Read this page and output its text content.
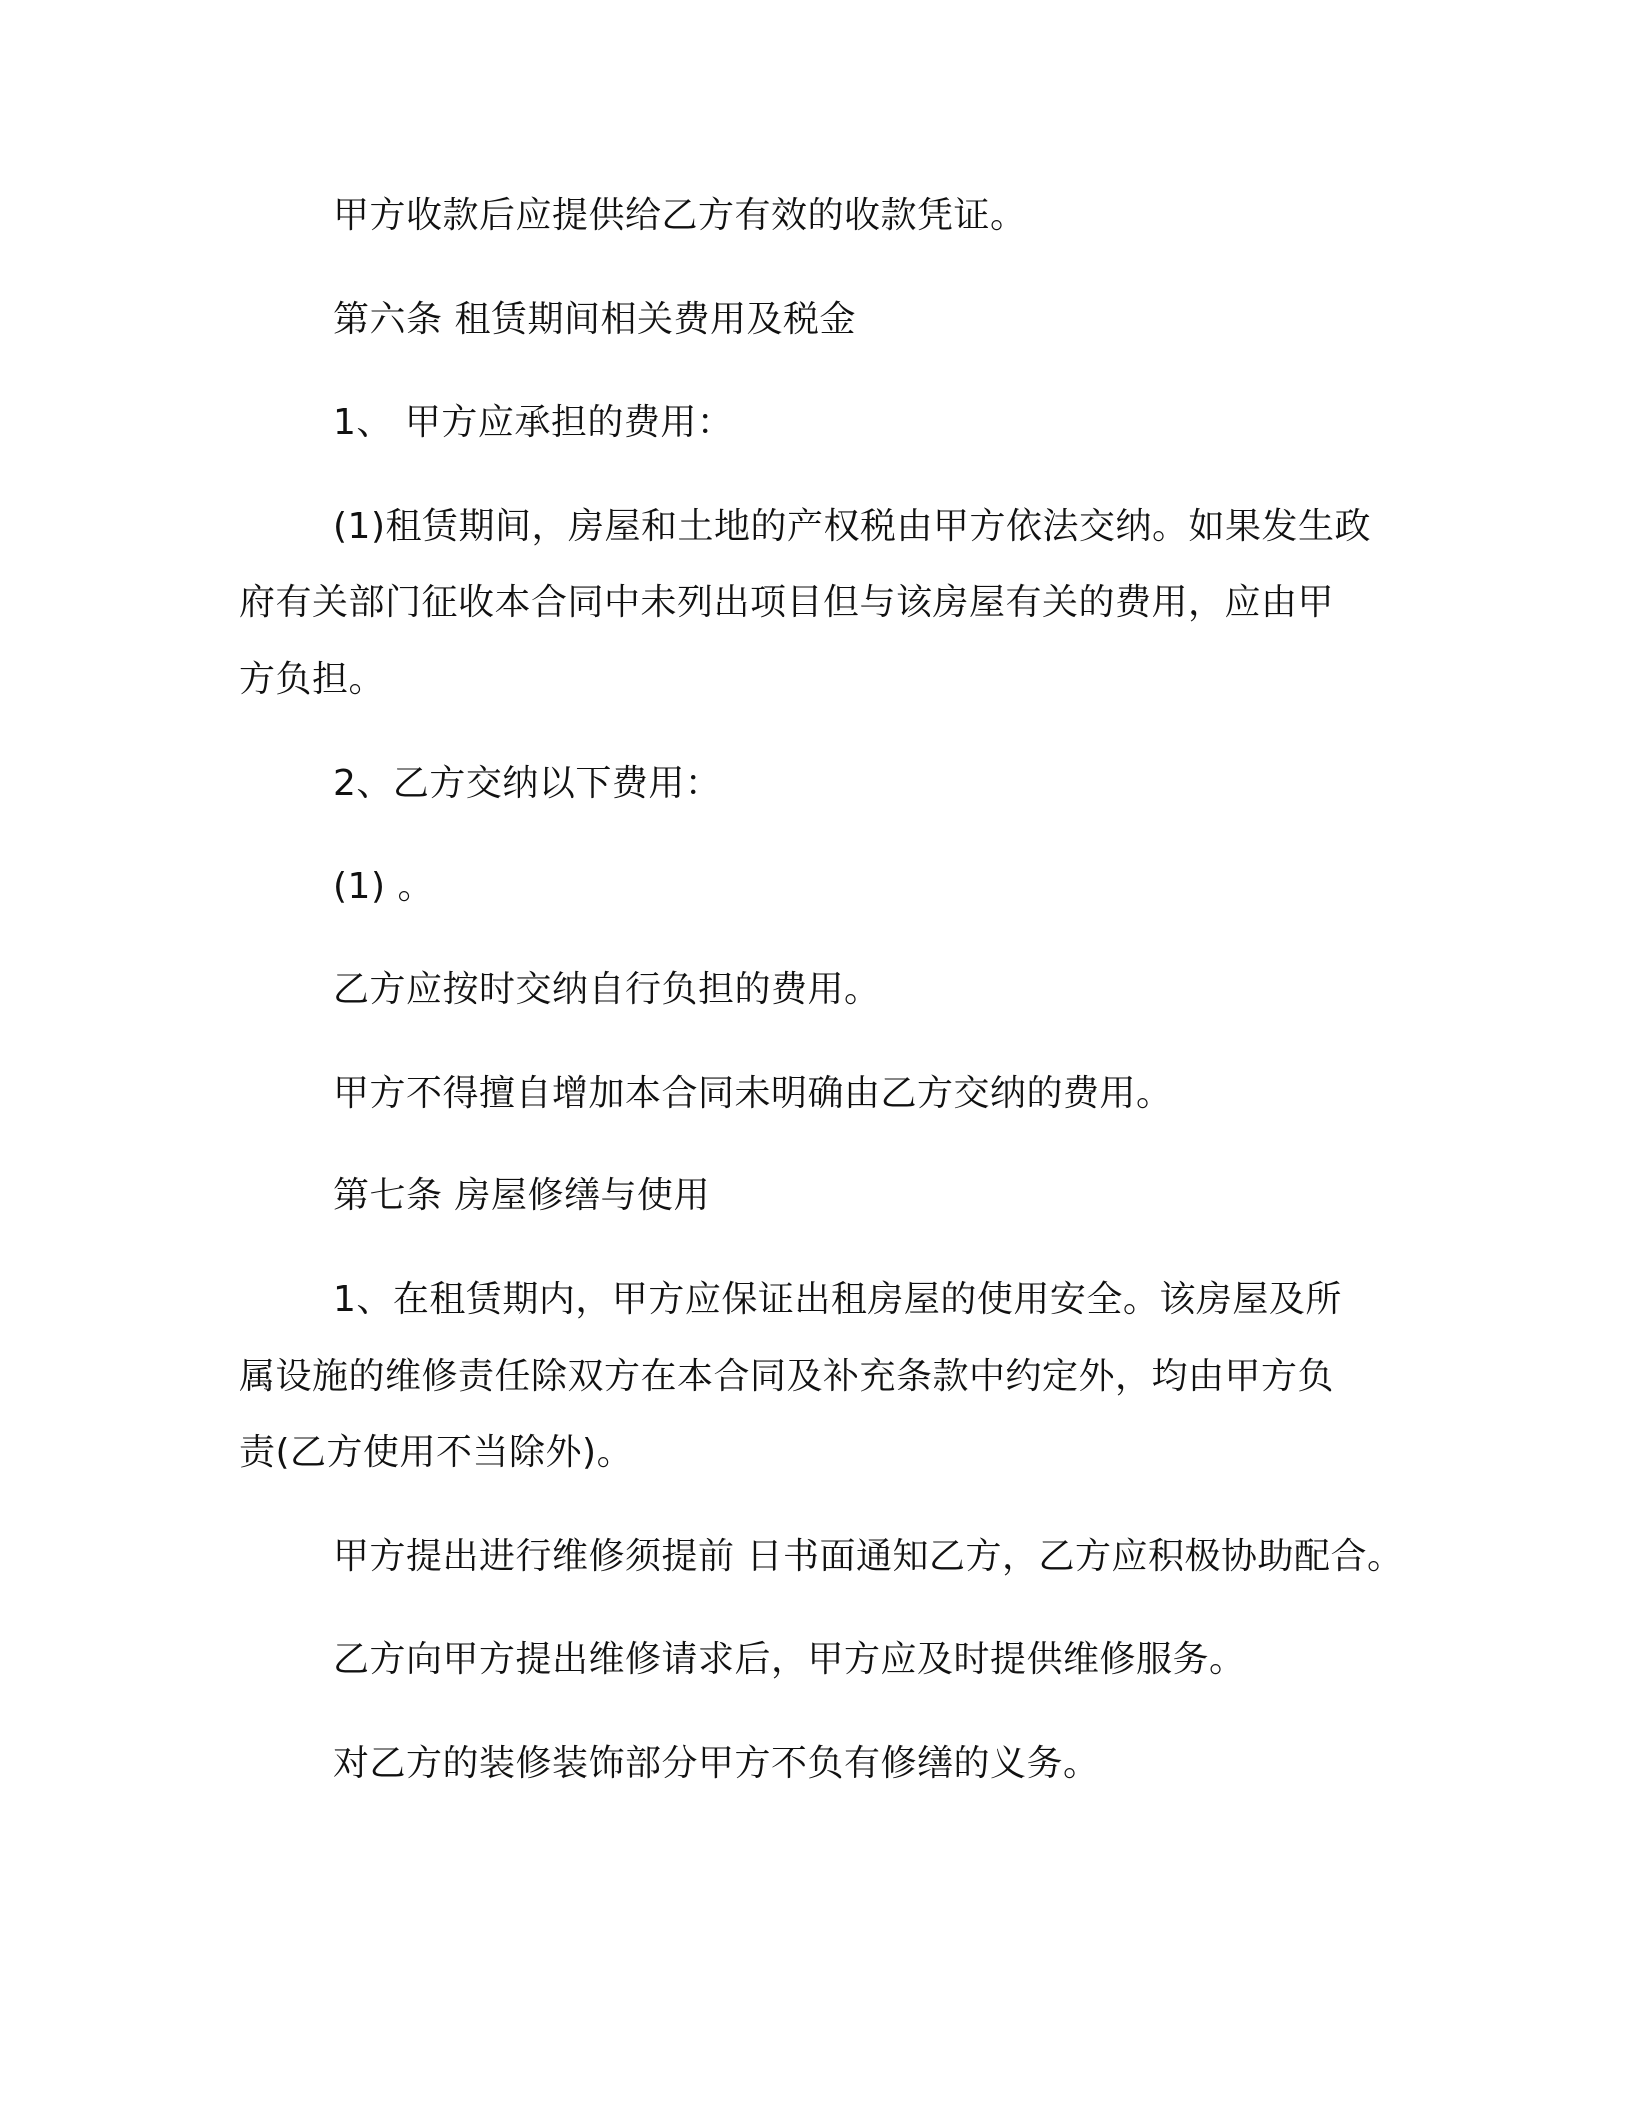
甲方收款后应提供给乙方有效的收款凭证。
第六条 租赁期间相关费用及税金
1、 甲方应承担的费用：
(1)租赁期间，房屋和土地的产权税由甲方依法交纳。如果发生政
府有关部门征收本合同中未列出项目但与该房屋有关的费用，应由甲
方负担。
2、乙方交纳以下费用：
(1) 。
乙方应按时交纳自行负担的费用。
甲方不得擅自增加本合同未明确由乙方交纳的费用。
第七条 房屋修缮与使用
1、在租赁期内，甲方应保证出租房屋的使用安全。该房屋及所
属设施的维修责任除双方在本合同及补充条款中约定外，均由甲方负
责(乙方使用不当除外)。
甲方提出进行维修须提前 日书面通知乙方，乙方应积极协助配合。
乙方向甲方提出维修请求后，甲方应及时提供维修服务。
对乙方的装修装饰部分甲方不负有修缮的义务。
